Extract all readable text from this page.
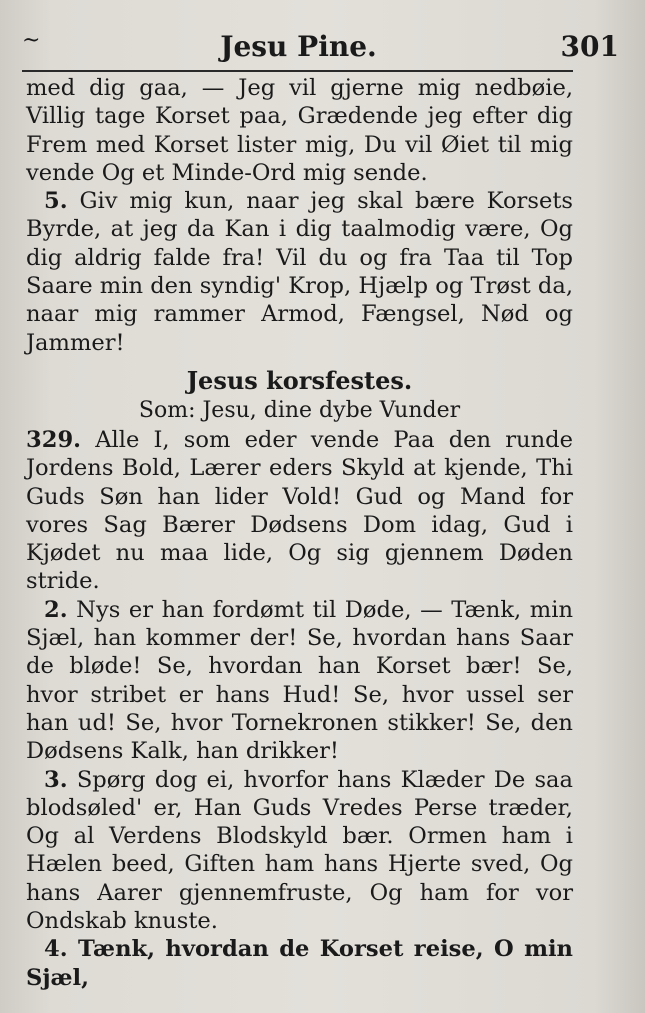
~	Jesu Pine.	301

med dig gaa, — Jeg vil gjerne mig nedbøie, Villig tage Korset paa, Grædende jeg efter dig Frem med Korset lister mig, Du vil Øiet til mig vende Og et Minde-Ord mig sende.

5. Giv mig kun, naar jeg skal bære Korsets Byrde, at jeg da Kan i dig taalmodig være, Og dig aldrig falde fra! Vil du og fra Taa til Top Saare min den syndig' Krop, Hjælp og Trøst da, naar mig rammer Armod, Fængsel, Nød og Jammer!

Jesus korsfestes.
Som: Jesu, dine dybe Vunder

329. Alle I, som eder vende Paa den runde Jordens Bold, Lærer eders Skyld at kjende, Thi Guds Søn han lider Vold! Gud og Mand for vores Sag Bærer Dødsens Dom idag, Gud i Kjødet nu maa lide, Og sig gjennem Døden stride.

2. Nys er han fordømt til Døde, — Tænk, min Sjæl, han kommer der! Se, hvordan hans Saar de bløde! Se, hvordan han Korset bær! Se, hvor stribet er hans Hud! Se, hvor ussel ser han ud! Se, hvor Tornekronen stikker! Se, den Dødsens Kalk, han drikker!

3. Spørg dog ei, hvorfor hans Klæder De saa blodsøled' er, Han Guds Vredes Perse træder, Og al Verdens Blodskyld bær. Ormen ham i Hælen beed, Giften ham hans Hjerte sved, Og hans Aarer gjennemfruste, Og ham for vor Ondskab knuste.

4. Tænk, hvordan de Korset reise, O min Sjæl,
